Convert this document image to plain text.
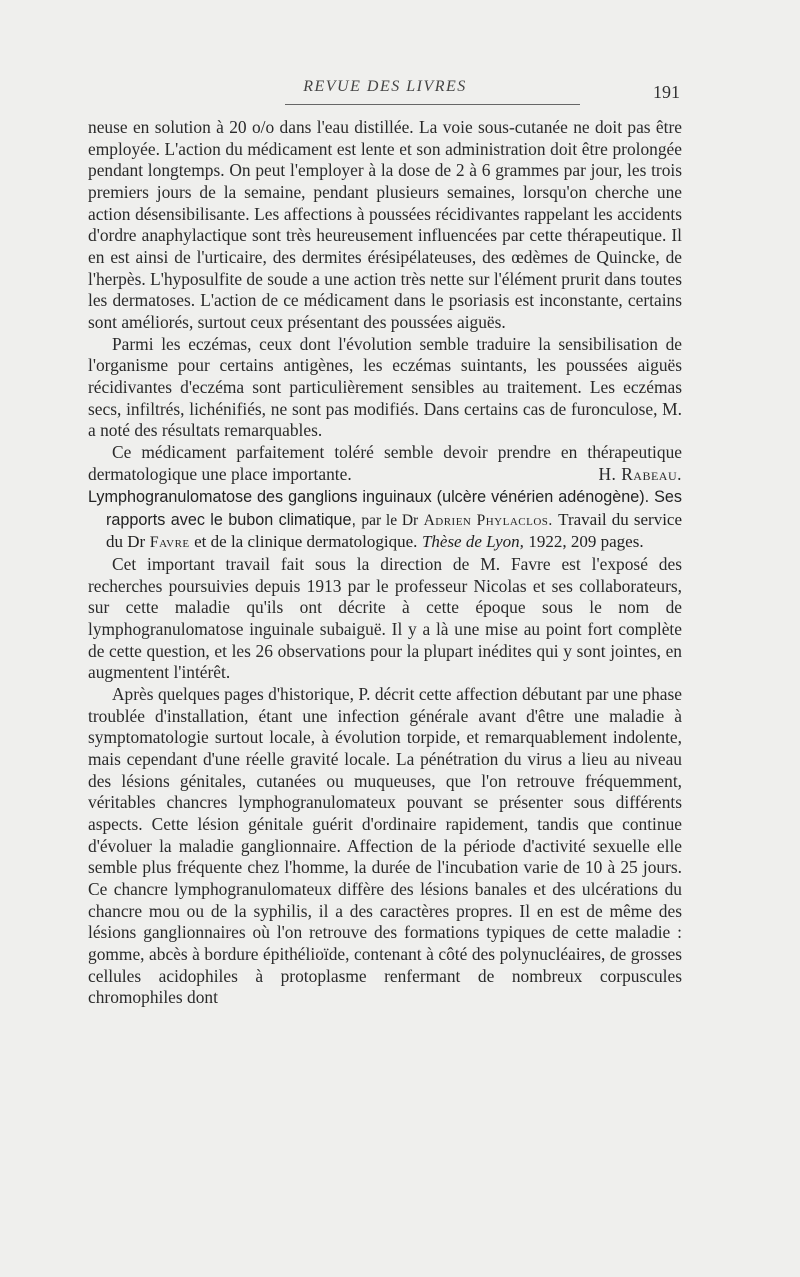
REVUE DES LIVRES	191

neuse en solution à 20 o/o dans l'eau distillée. La voie sous-cutanée ne doit pas être employée. L'action du médicament est lente et son administration doit être prolongée pendant longtemps. On peut l'employer à la dose de 2 à 6 grammes par jour, les trois premiers jours de la semaine, pendant plusieurs semaines, lorsqu'on cherche une action désensibilisante. Les affections à poussées récidivantes rappelant les accidents d'ordre anaphylactique sont très heureusement influencées par cette thérapeutique. Il en est ainsi de l'urticaire, des dermites érésipélateuses, des œdèmes de Quincke, de l'herpès. L'hyposulfite de soude a une action très nette sur l'élément prurit dans toutes les dermatoses. L'action de ce médicament dans le psoriasis est inconstante, certains sont améliorés, surtout ceux présentant des poussées aiguës.

Parmi les eczémas, ceux dont l'évolution semble traduire la sensibilisation de l'organisme pour certains antigènes, les eczémas suintants, les poussées aiguës récidivantes d'eczéma sont particulièrement sensibles au traitement. Les eczémas secs, infiltrés, lichénifiés, ne sont pas modifiés. Dans certains cas de furonculose, M. a noté des résultats remarquables.

Ce médicament parfaitement toléré semble devoir prendre en thérapeutique dermatologique une place importante.	H. Rabeau.

Lymphogranulomatose des ganglions inguinaux (ulcère vénérien adénogène). Ses rapports avec le bubon climatique, par le Dr Adrien Phylaclos. Travail du service du Dr Favre et de la clinique dermatologique. Thèse de Lyon, 1922, 209 pages.

Cet important travail fait sous la direction de M. Favre est l'exposé des recherches poursuivies depuis 1913 par le professeur Nicolas et ses collaborateurs, sur cette maladie qu'ils ont décrite à cette époque sous le nom de lymphogranulomatose inguinale subaiguë. Il y a là une mise au point fort complète de cette question, et les 26 observations pour la plupart inédites qui y sont jointes, en augmentent l'intérêt.

Après quelques pages d'historique, P. décrit cette affection débutant par une phase troublée d'installation, étant une infection générale avant d'être une maladie à symptomatologie surtout locale, à évolution torpide, et remarquablement indolente, mais cependant d'une réelle gravité locale. La pénétration du virus a lieu au niveau des lésions génitales, cutanées ou muqueuses, que l'on retrouve fréquemment, véritables chancres lymphogranulomateux pouvant se présenter sous différents aspects. Cette lésion génitale guérit d'ordinaire rapidement, tandis que continue d'évoluer la maladie ganglionnaire. Affection de la période d'activité sexuelle elle semble plus fréquente chez l'homme, la durée de l'incubation varie de 10 à 25 jours. Ce chancre lymphogranulomateux diffère des lésions banales et des ulcérations du chancre mou ou de la syphilis, il a des caractères propres. Il en est de même des lésions ganglionnaires où l'on retrouve des formations typiques de cette maladie : gomme, abcès à bordure épithélioïde, contenant à côté des polynucléaires, de grosses cellules acidophiles à protoplasme renfermant de nombreux corpuscules chromophiles dont
